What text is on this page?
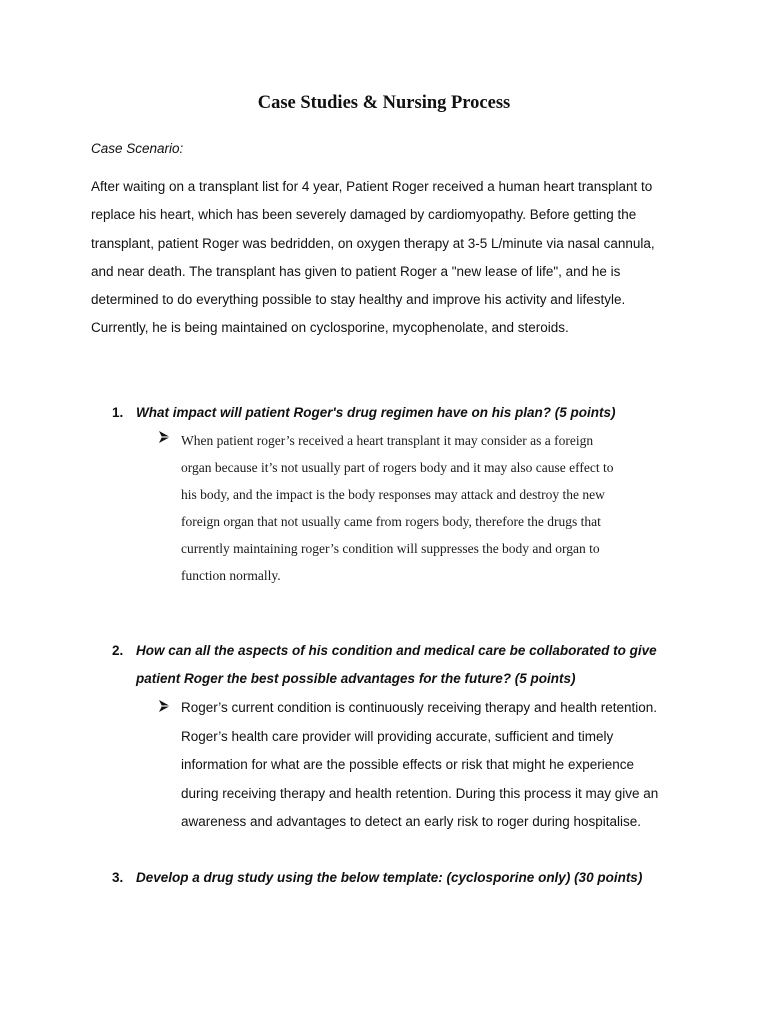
Case Studies & Nursing Process
Case Scenario:
After waiting on a transplant list for 4 year, Patient Roger received a human heart transplant to
replace his heart, which has been severely damaged by cardiomyopathy. Before getting the
transplant, patient Roger was bedridden, on oxygen therapy at 3-5 L/minute via nasal cannula,
and near death. The transplant has given to patient Roger a "new lease of life", and he is
determined to do everything possible to stay healthy and improve his activity and lifestyle.
Currently, he is being maintained on cyclosporine, mycophenolate, and steroids.
1. What impact will patient Roger's drug regimen have on his plan? (5 points)
When patient roger’s received a heart transplant it may consider as a foreign
organ because it’s not usually part of rogers body and it may also cause effect to
his body, and the impact is the body responses may attack and destroy the new
foreign organ that not usually came from rogers body, therefore the drugs that
currently maintaining roger’s condition will suppresses the body and organ to
function normally.
2. How can all the aspects of his condition and medical care be collaborated to give
patient Roger the best possible advantages for the future? (5 points)
Roger’s current condition is continuously receiving therapy and health retention.
Roger’s health care provider will providing accurate, sufficient and timely
information for what are the possible effects or risk that might he experience
during receiving therapy and health retention. During this process it may give an
awareness and advantages to detect an early risk to roger during hospitalise.
3. Develop a drug study using the below template: (cyclosporine only) (30 points)
